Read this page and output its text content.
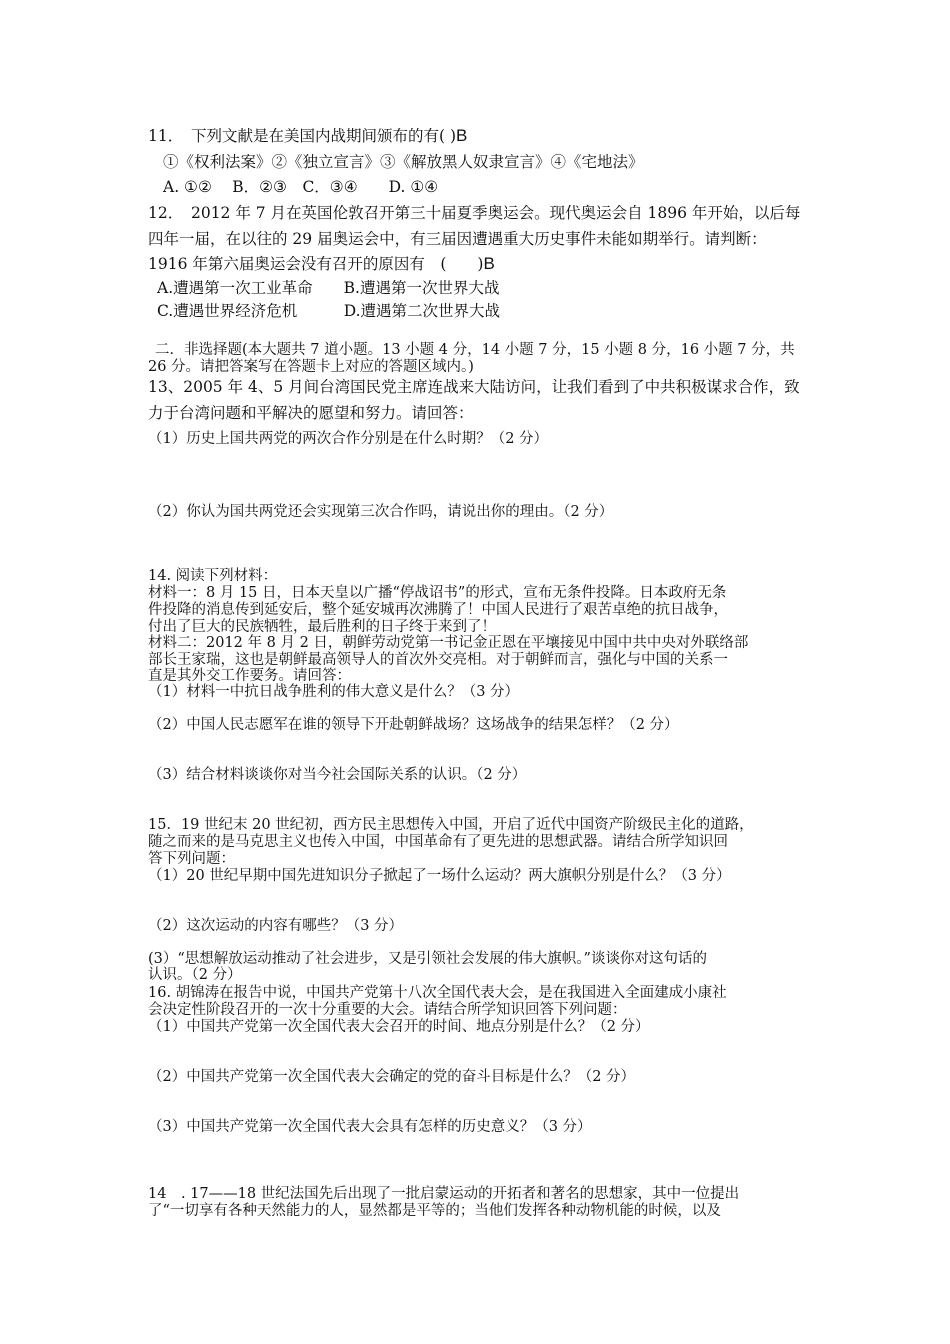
11．　下列文献是在美国内战期间颁布的有( )B
①《权利法案》②《独立宣言》③《解放黑人奴隶宣言》④《宅地法》
A. ①②　 B．②③　C．③④　　D. ①④
12．　2012 年 7 月在英国伦敦召开第三十届夏季奥运会。现代奥运会自 1896 年开始，以后每
四年一届，在以往的 29 届奥运会中，有三届因遭遇重大历史事件未能如期举行。请判断：
1916 年第六届奥运会没有召开的原因有　(　　)B
A.遭遇第一次工业革命　　B.遭遇第一次世界大战
C.遭遇世界经济危机　　　D.遭遇第二次世界大战
二．非选择题(本大题共 7 道小题。13 小题 4 分，14 小题 7 分，15 小题 8 分，16 小题 7 分，共
26 分。请把答案写在答题卡上对应的答题区域内。)
13、2005 年 4、5 月间台湾国民党主席连战来大陆访问，让我们看到了中共积极谋求合作，致
力于台湾问题和平解决的愿望和努力。请回答：
（1）历史上国共两党的两次合作分别是在什么时期？（2 分）
（2）你认为国共两党还会实现第三次合作吗，请说出你的理由。（2 分）
14. 阅读下列材料：
材料一：8 月 15 日，日本天皇以广播“停战诏书”的形式，宣布无条件投降。日本政府无条
件投降的消息传到延安后，整个延安城再次沸腾了！中国人民进行了艰苦卓绝的抗日战争，
付出了巨大的民族牺牲，最后胜利的日子终于来到了！
材料二：2012 年 8 月 2 日，朝鲜劳动党第一书记金正恩在平壤接见中国中共中央对外联络部
部长王家瑞，这也是朝鲜最高领导人的首次外交亮相。对于朝鲜而言，强化与中国的关系一
直是其外交工作要务。请回答：
（1）材料一中抗日战争胜利的伟大意义是什么？（3 分）
（2）中国人民志愿军在谁的领导下开赴朝鲜战场？这场战争的结果怎样？（2 分）
（3）结合材料谈谈你对当今社会国际关系的认识。（2 分）
15．19 世纪末 20 世纪初，西方民主思想传入中国，开启了近代中国资产阶级民主化的道路，
随之而来的是马克思主义也传入中国，中国革命有了更先进的思想武器。请结合所学知识回
答下列问题：
（1）20 世纪早期中国先进知识分子掀起了一场什么运动？两大旗帜分别是什么？（3 分）
（2）这次运动的内容有哪些？（3 分）
(3）“思想解放运动推动了社会进步，又是引领社会发展的伟大旗帜。”谈谈你对这句话的
认识。（2 分）
16. 胡锦涛在报告中说，中国共产党第十八次全国代表大会，是在我国进入全面建成小康社
会决定性阶段召开的一次十分重要的大会。请结合所学知识回答下列问题：
（1）中国共产党第一次全国代表大会召开的时间、地点分别是什么？（2 分）
（2）中国共产党第一次全国代表大会确定的党的奋斗目标是什么？（2 分）
（3）中国共产党第一次全国代表大会具有怎样的历史意义？（3 分）
14　. 17——18 世纪法国先后出现了一批启蒙运动的开拓者和著名的思想家，其中一位提出
了“一切享有各种天然能力的人，显然都是平等的；当他们发挥各种动物机能的时候，以及
